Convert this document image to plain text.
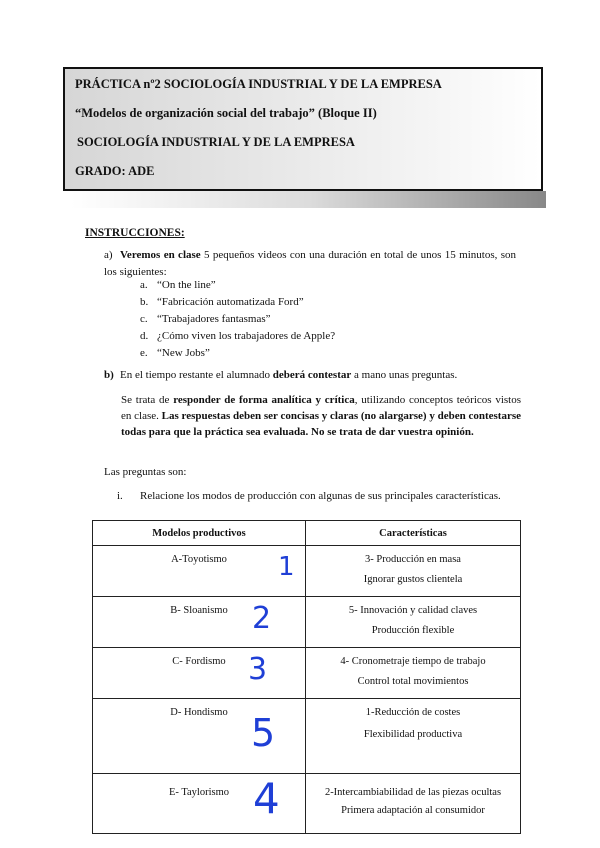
PRÁCTICA nº2 SOCIOLOGÍA INDUSTRIAL Y DE LA EMPRESA
“Modelos de organización social del trabajo” (Bloque II)
SOCIOLOGÍA INDUSTRIAL Y DE LA EMPRESA
GRADO: ADE
INSTRUCCIONES:
a) Veremos en clase 5 pequeños videos con una duración en total de unos 15 minutos, son los siguientes:
a. “On the line”
b. “Fabricación automatizada Ford”
c. “Trabajadores fantasmas”
d. ¿Cómo viven los trabajadores de Apple?
e. “New Jobs”
b) En el tiempo restante el alumnado deberá contestar a mano unas preguntas.
Se trata de responder de forma analítica y crítica, utilizando conceptos teóricos vistos en clase. Las respuestas deben ser concisas y claras (no alargarse) y deben contestarse todas para que la práctica sea evaluada. No se trata de dar vuestra opinión.
Las preguntas son:
i. Relacione los modos de producción con algunas de sus principales características.
Modelos productivos	Características

A-Toyotismo 1	3- Producción en masa
Ignorar gustos clientela

B- Sloanismo 2	5- Innovación y calidad claves
Producción flexible

C- Fordismo 3	4- Cronometraje tiempo de trabajo
Control total movimientos

D- Hondismo 5	1-Reducción de costes
Flexibilidad productiva

E- Taylorismo 4	2-Intercambiabilidad de las piezas ocultas
Primera adaptación al consumidor
